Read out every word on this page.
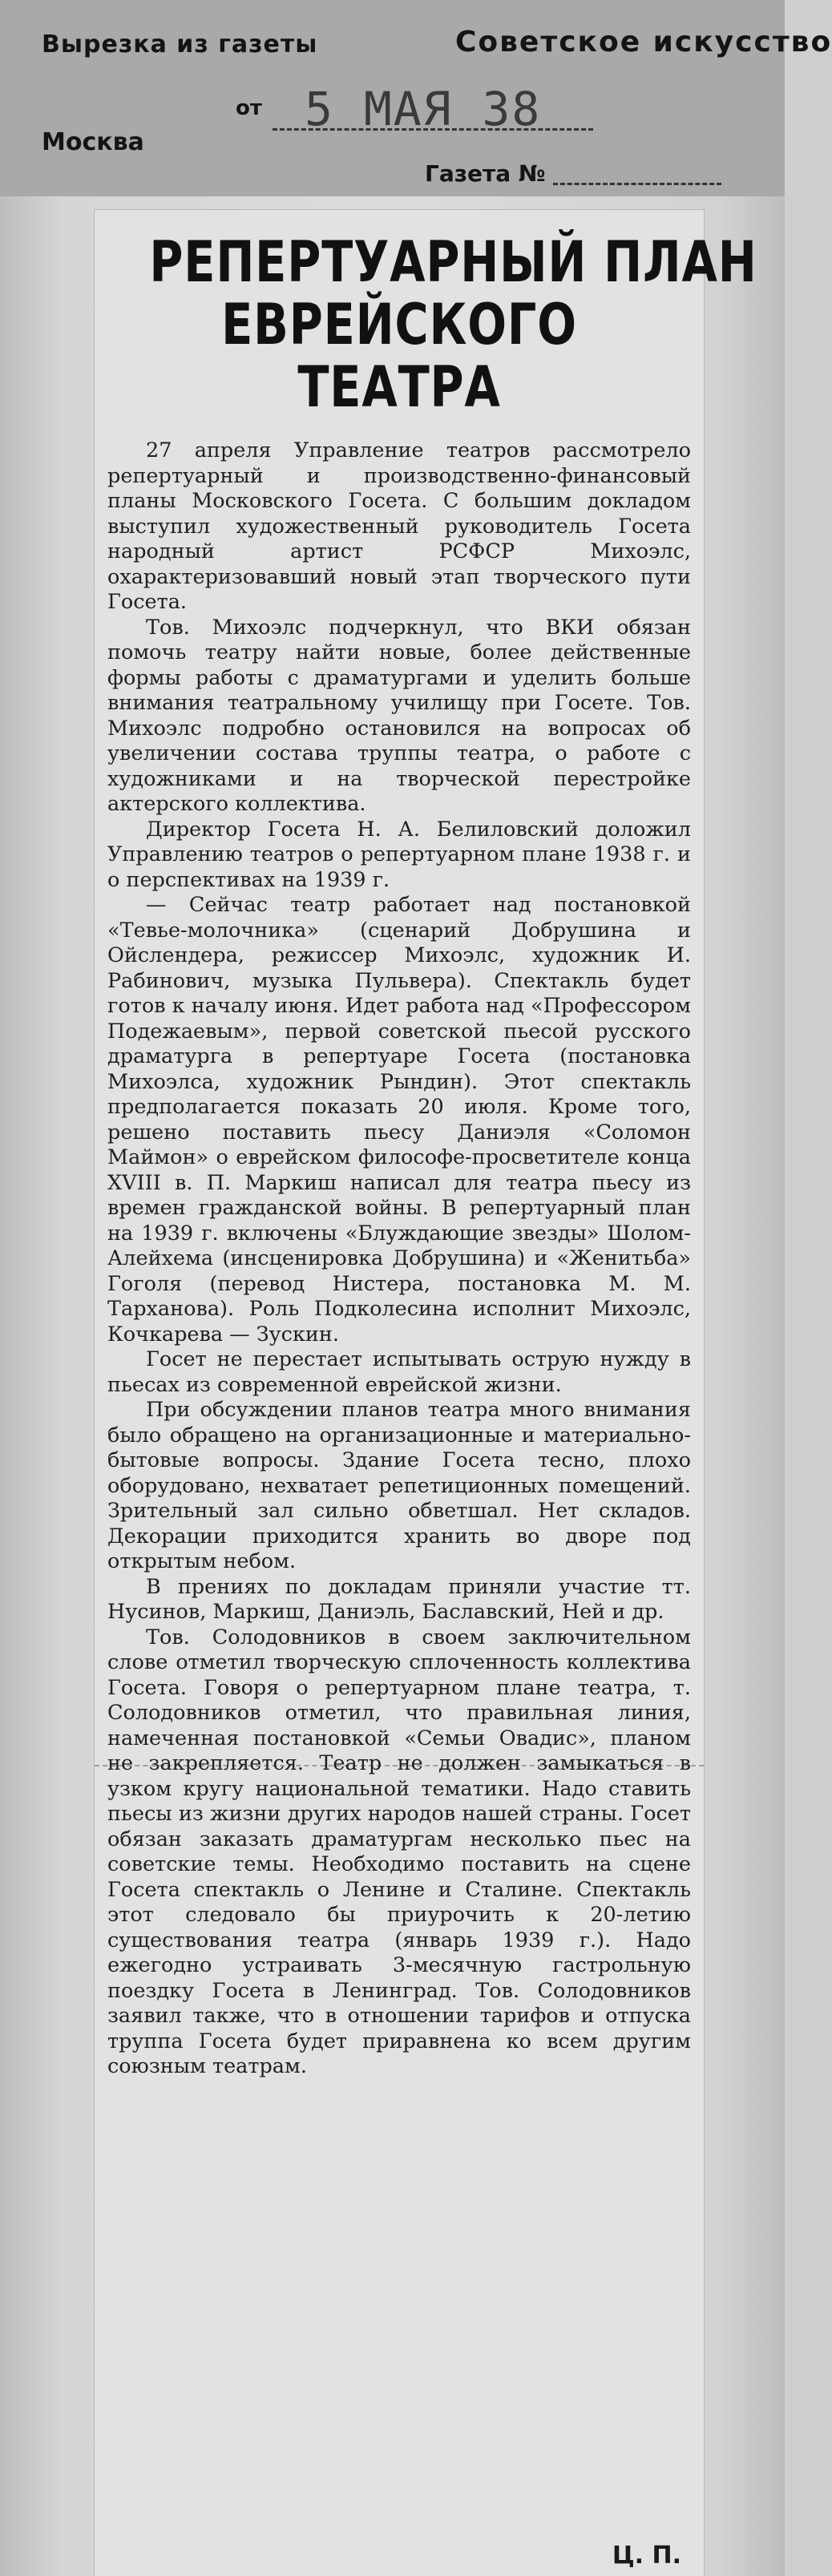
Вырезка из газеты	Советское искусство
Москва
от 5 МАЯ 38
Газета №
РЕПЕРТУАРНЫЙ ПЛАН
ЕВРЕЙСКОГО
ТЕАТРА

27 апреля Управление театров рассмотрело репертуарный и производственно-финансовый планы Московского Госета. С большим докладом выступил художественный руководитель Госета народный артист РСФСР Михоэлс, охарактеризовавший новый этап творческого пути Госета.

Тов. Михоэлс подчеркнул, что ВКИ обязан помочь театру найти новые, более действенные формы работы с драматургами и уделить больше внимания театральному училищу при Госете. Тов. Михоэлс подробно остановился на вопросах об увеличении состава труппы театра, о работе с художниками и на творческой перестройке актерского коллектива.

Директор Госета Н. А. Белиловский доложил Управлению театров о репертуарном плане 1938 г. и о перспективах на 1939 г.

— Сейчас театр работает над постановкой «Тевье-молочника» (сценарий Добрушина и Ойслендера, режиссер Михоэлс, художник И. Рабинович, музыка Пульвера). Спектакль будет готов к началу июня. Идет работа над «Профессором Подежаевым», первой советской пьесой русского драматурга в репертуаре Госета (постановка Михоэлса, художник Рындин). Этот спектакль предполагается показать 20 июля. Кроме того, решено поставить пьесу Даниэля «Соломон Маймон» о еврейском философе-просветителе конца XVIII в. П. Маркиш написал для театра пьесу из времен гражданской войны. В репертуарный план на 1939 г. включены «Блуждающие звезды» Шолом-Алейхема (инсценировка Добрушина) и «Женитьба» Гоголя (перевод Нистера, постановка М. М. Тарханова). Роль Подколесина исполнит Михоэлс, Кочкарева — Зускин.

Госет не перестает испытывать острую нужду в пьесах из современной еврейской жизни.

При обсуждении планов театра много внимания было обращено на организационные и материально-бытовые вопросы. Здание Госета тесно, плохо оборудовано, нехватает репетиционных помещений. Зрительный зал сильно обветшал. Нет складов. Декорации приходится хранить во дворе под открытым небом.

В прениях по докладам приняли участие тт. Нусинов, Маркиш, Даниэль, Баславский, Ней и др.

Тов. Солодовников в своем заключительном слове отметил творческую сплоченность коллектива Госета. Говоря о репертуарном плане театра, т. Солодовников отметил, что правильная линия, намеченная постановкой «Семьи Овадис», планом не закрепляется. Театр не должен замыкаться в узком кругу национальной тематики. Надо ставить пьесы из жизни других народов нашей страны. Госет обязан заказать драматургам несколько пьес на советские темы. Необходимо поставить на сцене Госета спектакль о Ленине и Сталине. Спектакль этот следовало бы приурочить к 20-летию существования театра (январь 1939 г.). Надо ежегодно устраивать 3-месячную гастрольную поездку Госета в Ленинград. Тов. Солодовников заявил также, что в отношении тарифов и отпуска труппа Госета будет приравнена ко всем другим союзным театрам.

Ц. П.
